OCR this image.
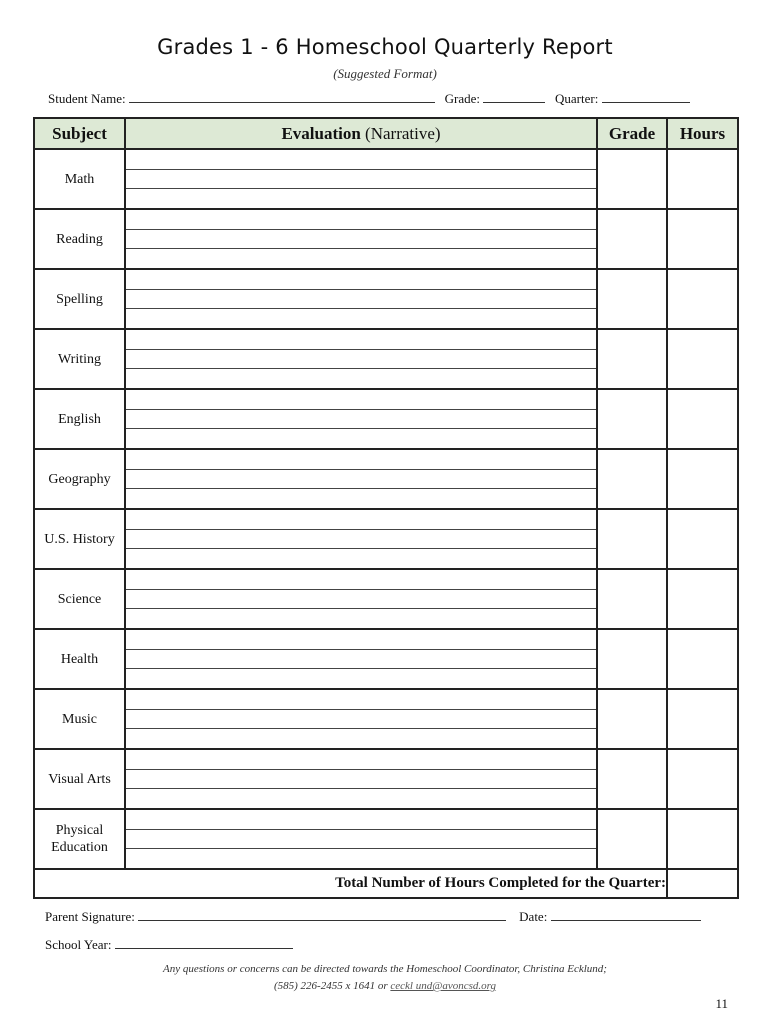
Grades 1 - 6 Homeschool Quarterly Report
(Suggested Format)
Student Name:	Grade:	Quarter:
Subject	Evaluation (Narrative)	Grade	Hours
Math	

Reading	

Spelling	

Writing	

English	

Geography	

U.S. History	

Science	

Health	

Music	

Visual Arts	

Physical Education	

Total Number of Hours Completed for the Quarter:			
Parent Signature:	Date:
School Year:
Any questions or concerns can be directed towards the Homeschool Coordinator, Christina Ecklund;
(585) 226-2455 x 1641 or ceckl und@avoncsd.org
11
